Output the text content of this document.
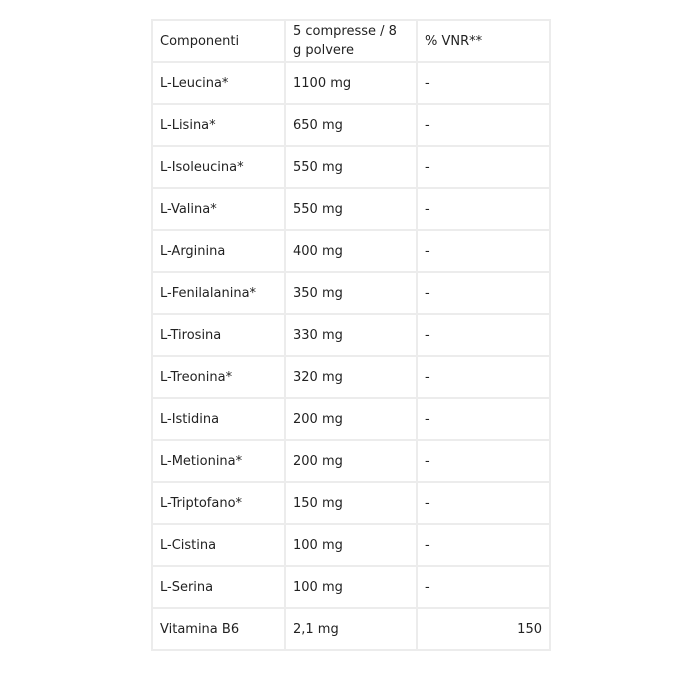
Componenti	5 compresse / 8 g polvere	% VNR**
L-Leucina*	1100 mg	-
L-Lisina*	650 mg	-
L-Isoleucina*	550 mg	-
L-Valina*	550 mg	-
L-Arginina	400 mg	-
L-Fenilalanina*	350 mg	-
L-Tirosina	330 mg	-
L-Treonina*	320 mg	-
L-Istidina	200 mg	-
L-Metionina*	200 mg	-
L-Triptofano*	150 mg	-
L-Cistina	100 mg	-
L-Serina	100 mg	-
Vitamina B6	2,1 mg	150
